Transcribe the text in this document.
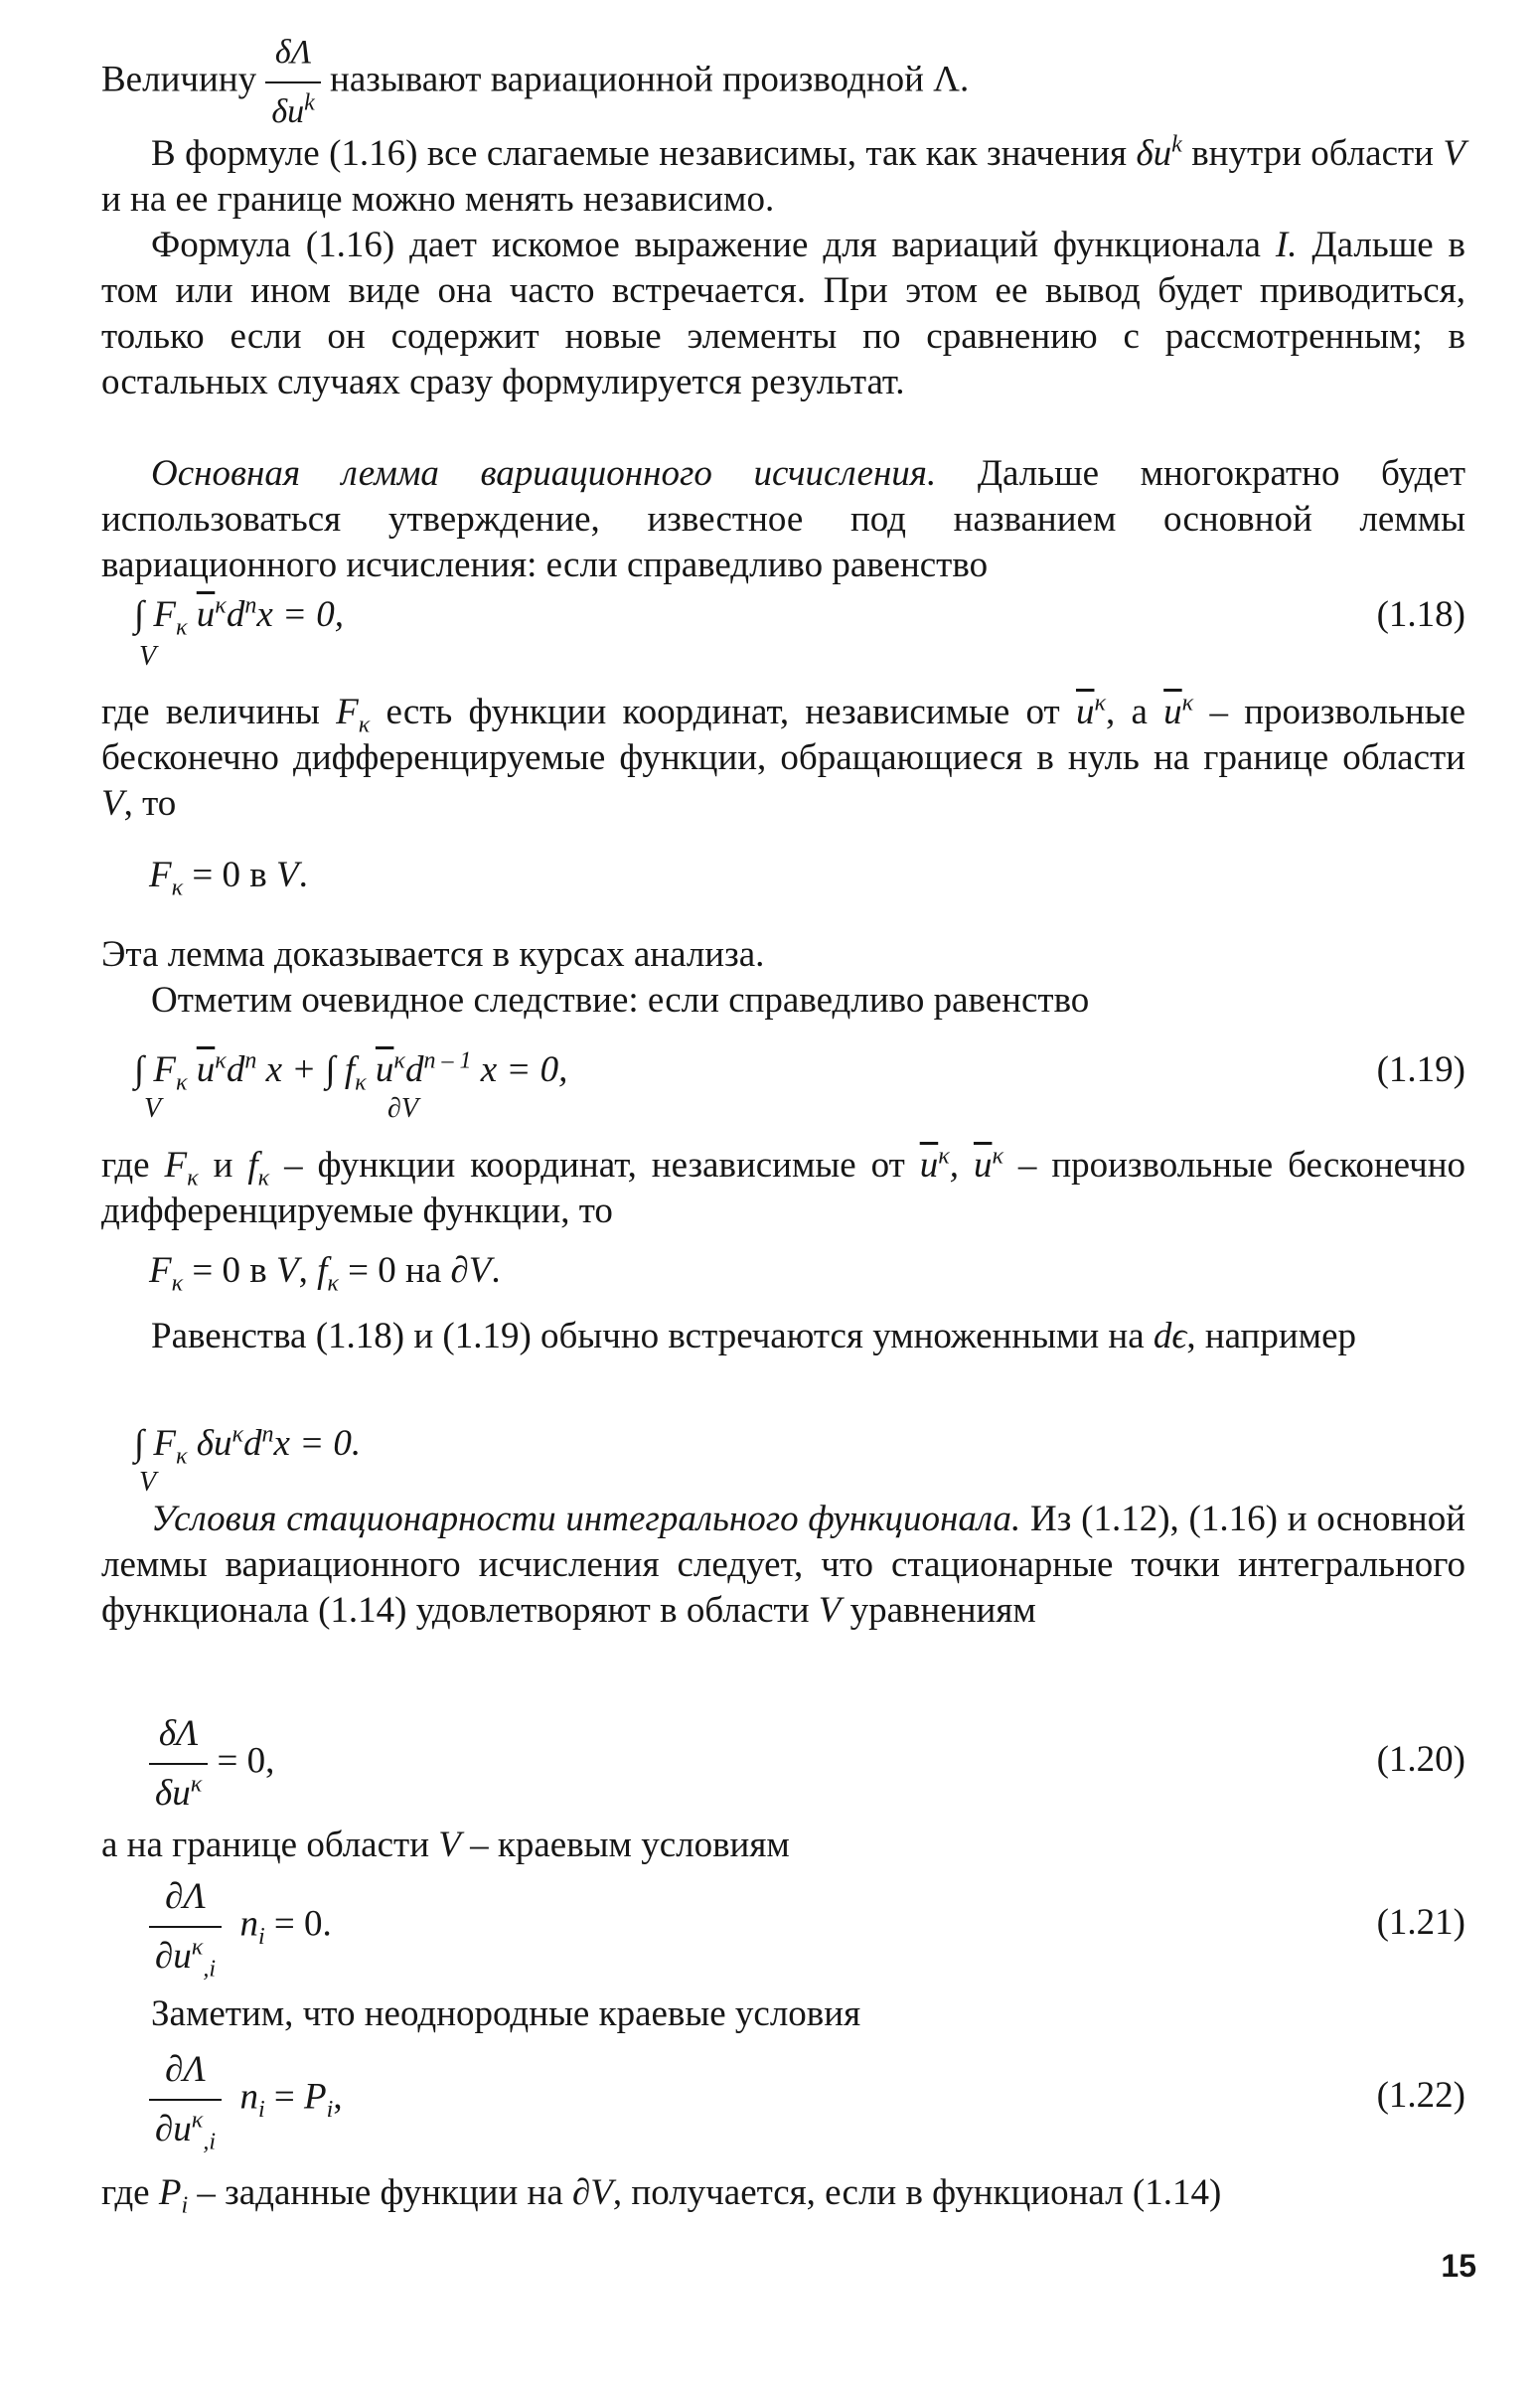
Величину $\frac{\delta\Lambda}{\delta u^k}$ называют вариационной производной Λ.

В формуле (1.16) все слагаемые независимы, так как значения $\delta u^k$ внутри области V и на ее границе можно менять независимо.

Формула (1.16) дает искомое выражение для вариаций функционала I. Дальше в том или ином виде она часто встречается. При этом ее вывод будет приводиться, только если он содержит новые элементы по сравнению с рассмотренным; в остальных случаях сразу формулируется результат.

Основная лемма вариационного исчисления. Дальше многократно будет использоваться утверждение, известное под названием основной леммы вариационного исчисления: если справедливо равенство

∫ $F_\kappa$ $\overline{u}^\kappa d^nx = 0$,
V
(1.18)

где величины $F_\kappa$ есть функции координат, независимые от $\overline{u}^\kappa$, а $\overline{u}^\kappa$ – произвольные бесконечно дифференцируемые функции, обращающиеся в нуль на границе области V, то

$F_\kappa = 0$ в V.

Эта лемма доказывается в курсах анализа.

Отметим очевидное следствие: если справедливо равенство

∫ $F_\kappa$ $\overline{u}^\kappa d^n$ x + ∫ $f_\kappa$ $\overline{u}^\kappa d^{n - 1}$ x = 0,
V	∂V
(1.19)

где $F_\kappa$ и $f_\kappa$ – функции координат, независимые от $\overline{u}^\kappa$, $\overline{u}^\kappa$ – произвольные бесконечно дифференцируемые функции, то

$F_\kappa = 0$ в V, $f_\kappa = 0$ на ∂V.

Равенства (1.18) и (1.19) обычно встречаются умноженными на dϵ, например

∫ $F_\kappa$ $\delta u^\kappa d^nx = 0$.
V

Условия стационарности интегрального функционала. Из (1.12), (1.16) и основной леммы вариационного исчисления следует, что стационарные точки интегрального функционала (1.14) удовлетворяют в области V уравнениям

$\frac{\delta\Lambda}{\delta u^\kappa} = 0$,	(1.20)

а на границе области V – краевым условиям

$\frac{\partial\Lambda}{\partial u^\kappa_{,i}} n_i = 0$.	(1.21)

Заметим, что неоднородные краевые условия

$\frac{\partial\Lambda}{\partial u^\kappa_{,i}} n_i = P_i$,	(1.22)

где $P_i$ – заданные функции на ∂V, получается, если в функционал (1.14)

15
